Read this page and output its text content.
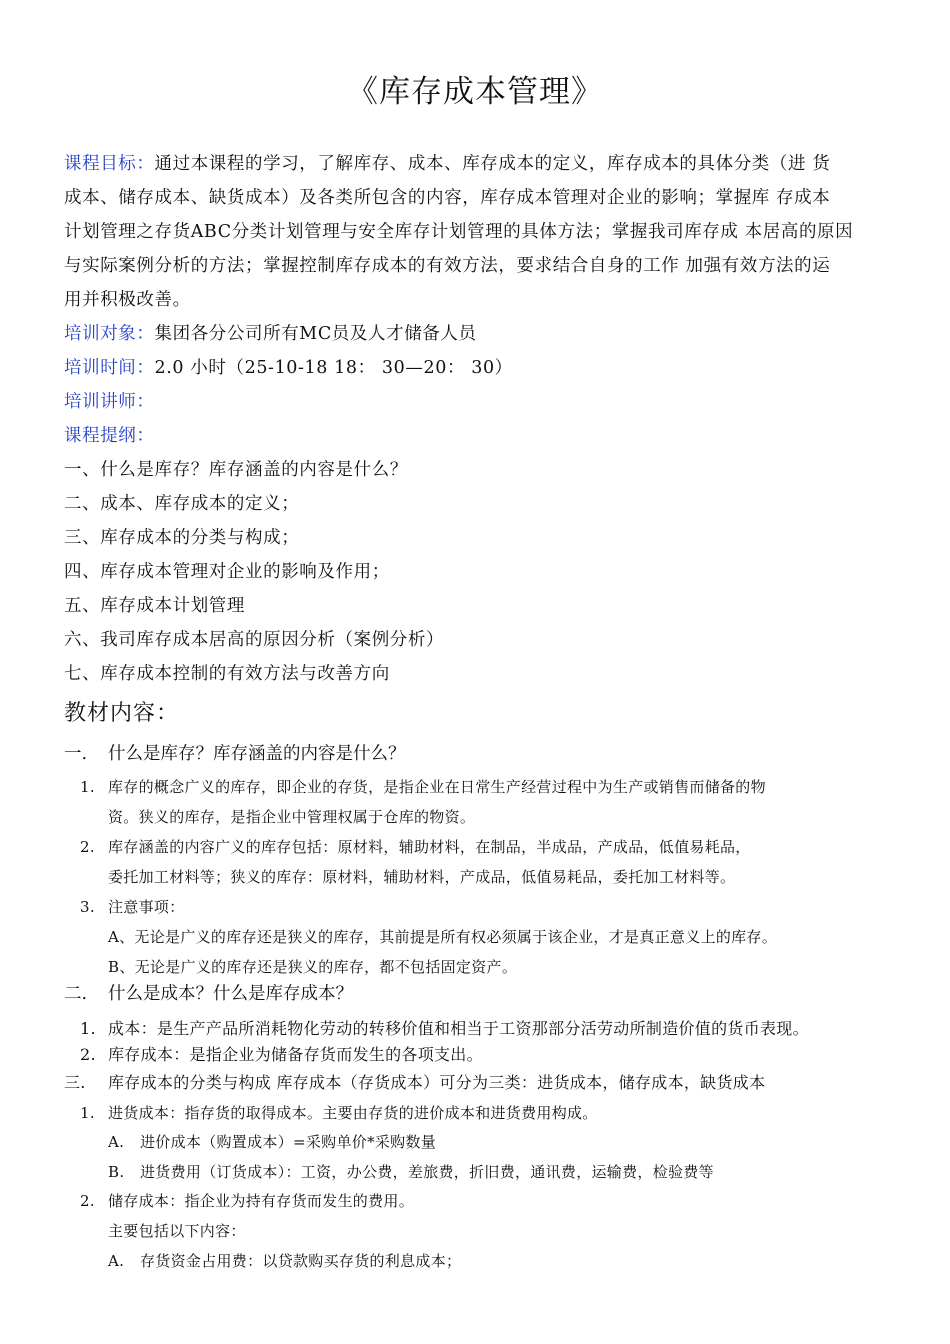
《库存成本管理》
课程目标：通过本课程的学习，了解库存、成本、库存成本的定义，库存成本的具体分类（进 货
成本、储存成本、缺货成本）及各类所包含的内容，库存成本管理对企业的影响；掌握库 存成本
计划管理之存货ABC分类计划管理与安全库存计划管理的具体方法；掌握我司库存成 本居高的原因
与实际案例分析的方法；掌握控制库存成本的有效方法，要求结合自身的工作 加强有效方法的运
用并积极改善。
培训对象：集团各分公司所有MC员及人才储备人员
培训时间：2.0 小时（25-10-18 18： 30—20： 30）
培训讲师：
课程提纲：
一、什么是库存？库存涵盖的内容是什么？
二、成本、库存成本的定义；
三、库存成本的分类与构成；
四、库存成本管理对企业的影响及作用；
五、库存成本计划管理
六、我司库存成本居高的原因分析（案例分析）
七、库存成本控制的有效方法与改善方向
教材内容：
一. 什么是库存？库存涵盖的内容是什么？
1. 库存的概念广义的库存，即企业的存货，是指企业在日常生产经营过程中为生产或销售而储备的物
资。狭义的库存，是指企业中管理权属于仓库的物资。
2. 库存涵盖的内容广义的库存包括：原材料，辅助材料，在制品，半成品，产成品，低值易耗品，
委托加工材料等；狭义的库存：原材料，辅助材料，产成品，低值易耗品，委托加工材料等。
3. 注意事项：
A、无论是广义的库存还是狭义的库存，其前提是所有权必须属于该企业，才是真正意义上的库存。
B、无论是广义的库存还是狭义的库存，都不包括固定资产。
二. 什么是成本？什么是库存成本？
1. 成本：是生产产品所消耗物化劳动的转移价值和相当于工资那部分活劳动所制造价值的货币表现。
2. 库存成本：是指企业为储备存货而发生的各项支出。
三. 库存成本的分类与构成 库存成本（存货成本）可分为三类：进货成本，储存成本，缺货成本
1. 进货成本：指存货的取得成本。主要由存货的进价成本和进货费用构成。
A. 进价成本（购置成本）=采购单价*采购数量
B. 进货费用（订货成本）：工资，办公费，差旅费，折旧费，通讯费，运输费，检验费等
2. 储存成本：指企业为持有存货而发生的费用。
主要包括以下内容：
A. 存货资金占用费：以贷款购买存货的利息成本；
